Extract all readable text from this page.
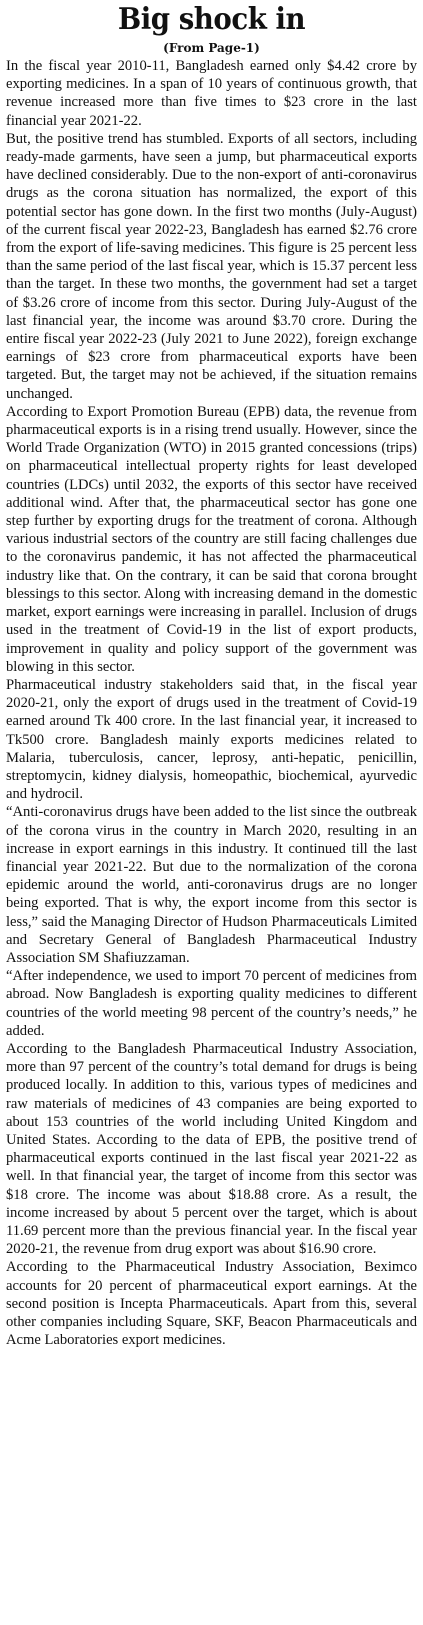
Big shock in
(From Page-1)

In the fiscal year 2010-11, Bangladesh earned only $4.42 crore by exporting medicines. In a span of 10 years of continuous growth, that revenue increased more than five times to $23 crore in the last financial year 2021-22.

But, the positive trend has stumbled. Exports of all sectors, including ready-made garments, have seen a jump, but pharmaceutical exports have declined considerably. Due to the non-export of anti-coronavirus drugs as the corona situation has normalized, the export of this potential sector has gone down. In the first two months (July-August) of the current fiscal year 2022-23, Bangladesh has earned $2.76 crore from the export of life-saving medicines. This figure is 25 percent less than the same period of the last fiscal year, which is 15.37 percent less than the target. In these two months, the government had set a target of $3.26 crore of income from this sector. During July-August of the last financial year, the income was around $3.70 crore. During the entire fiscal year 2022-23 (July 2021 to June 2022), foreign exchange earnings of $23 crore from pharmaceutical exports have been targeted. But, the target may not be achieved, if the situation remains unchanged.

According to Export Promotion Bureau (EPB) data, the revenue from pharmaceutical exports is in a rising trend usually. However, since the World Trade Organization (WTO) in 2015 granted concessions (trips) on pharmaceutical intellectual property rights for least developed countries (LDCs) until 2032, the exports of this sector have received additional wind. After that, the pharmaceutical sector has gone one step further by exporting drugs for the treatment of corona. Although various industrial sectors of the country are still facing challenges due to the coronavirus pandemic, it has not affected the pharmaceutical industry like that. On the contrary, it can be said that corona brought blessings to this sector. Along with increasing demand in the domestic market, export earnings were increasing in parallel. Inclusion of drugs used in the treatment of Covid-19 in the list of export products, improvement in quality and policy support of the government was blowing in this sector.

Pharmaceutical industry stakeholders said that, in the fiscal year 2020-21, only the export of drugs used in the treatment of Covid-19 earned around Tk 400 crore. In the last financial year, it increased to Tk500 crore. Bangladesh mainly exports medicines related to Malaria, tuberculosis, cancer, leprosy, anti-hepatic, penicillin, streptomycin, kidney dialysis, homeopathic, biochemical, ayurvedic and hydrocil.

“Anti-coronavirus drugs have been added to the list since the outbreak of the corona virus in the country in March 2020, resulting in an increase in export earnings in this industry. It continued till the last financial year 2021-22. But due to the normalization of the corona epidemic around the world, anti-coronavirus drugs are no longer being exported. That is why, the export income from this sector is less,” said the Managing Director of Hudson Pharmaceuticals Limited and Secretary General of Bangladesh Pharmaceutical Industry Association SM Shafiuzzaman.

“After independence, we used to import 70 percent of medicines from abroad. Now Bangladesh is exporting quality medicines to different countries of the world meeting 98 percent of the country’s needs,” he added.

According to the Bangladesh Pharmaceutical Industry Association, more than 97 percent of the country’s total demand for drugs is being produced locally. In addition to this, various types of medicines and raw materials of medicines of 43 companies are being exported to about 153 countries of the world including United Kingdom and United States. According to the data of EPB, the positive trend of pharmaceutical exports continued in the last fiscal year 2021-22 as well. In that financial year, the target of income from this sector was $18 crore. The income was about $18.88 crore. As a result, the income increased by about 5 percent over the target, which is about 11.69 percent more than the previous financial year. In the fiscal year 2020-21, the revenue from drug export was about $16.90 crore.

According to the Pharmaceutical Industry Association, Beximco accounts for 20 percent of pharmaceutical export earnings. At the second position is Incepta Pharmaceuticals. Apart from this, several other companies including Square, SKF, Beacon Pharmaceuticals and Acme Laboratories export medicines.
